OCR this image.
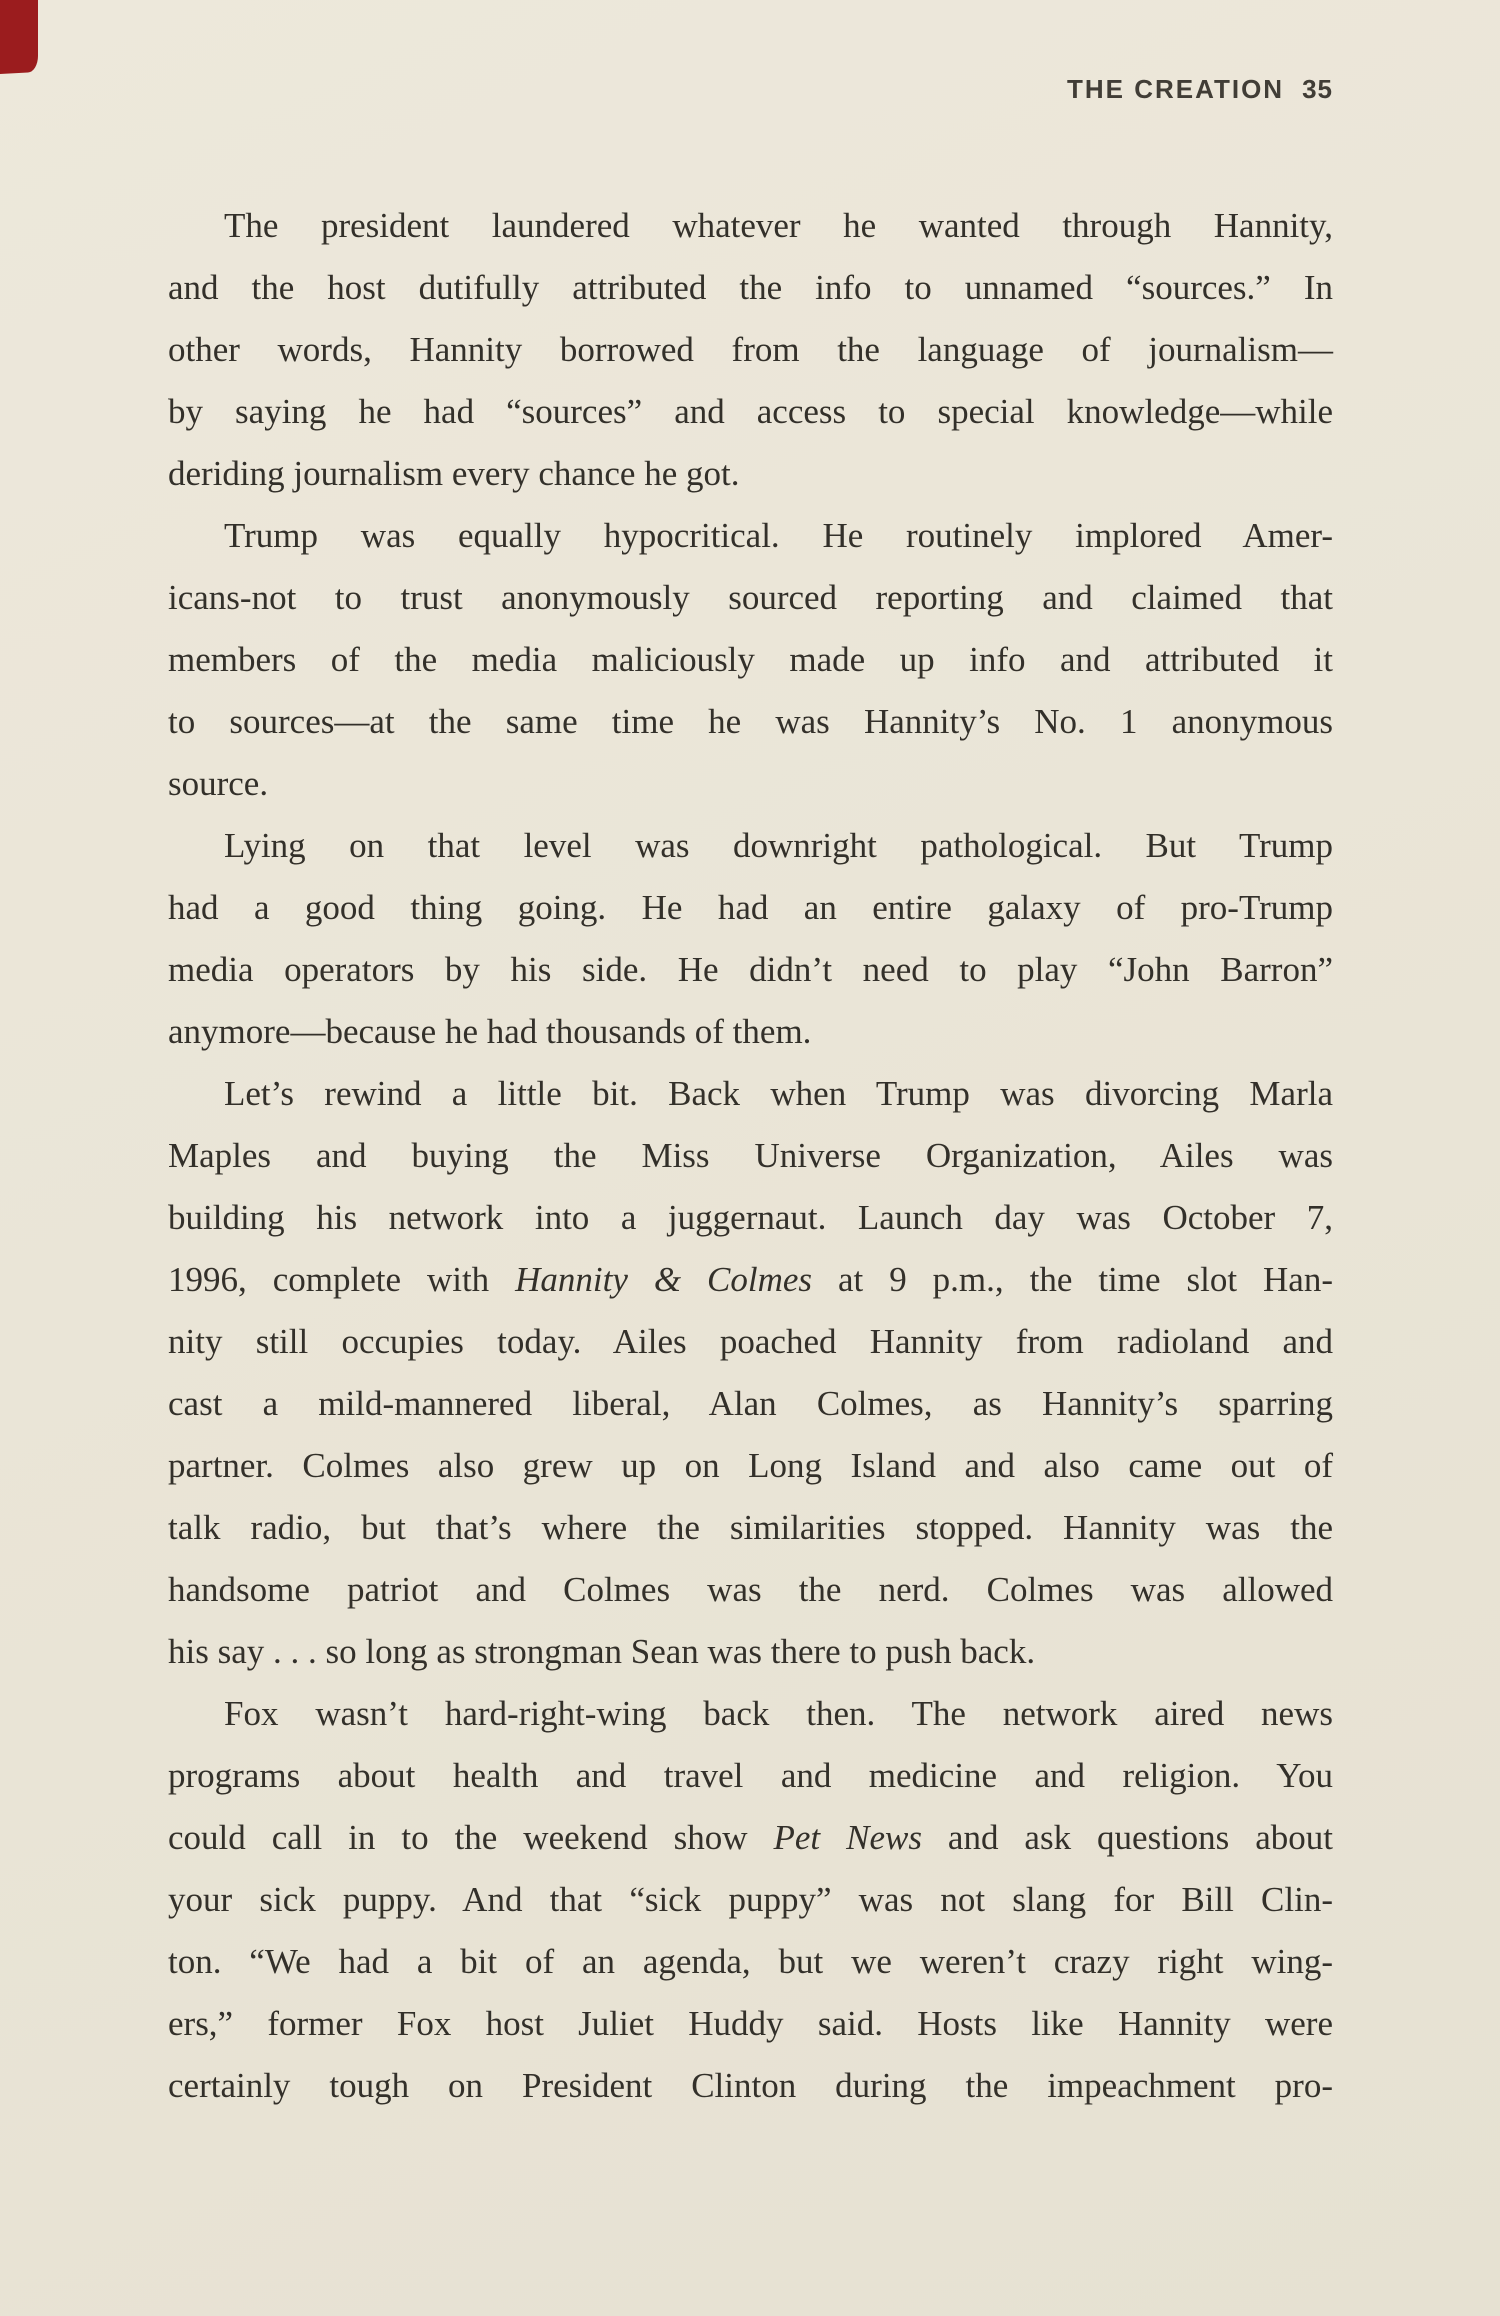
THE CREATION 35
The president laundered whatever he wanted through Hannity,
and the host dutifully attributed the info to unnamed “sources.” In
other words, Hannity borrowed from the language of journalism—
by saying he had “sources” and access to special knowledge—while
deriding journalism every chance he got.
Trump was equally hypocritical. He routinely implored Amer-
icans-not to trust anonymously sourced reporting and claimed that
members of the media maliciously made up info and attributed it
to sources—at the same time he was Hannity’s No. 1 anonymous
source.
Lying on that level was downright pathological. But Trump
had a good thing going. He had an entire galaxy of pro-Trump
media operators by his side. He didn’t need to play “John Barron”
anymore—because he had thousands of them.
Let’s rewind a little bit. Back when Trump was divorcing Marla
Maples and buying the Miss Universe Organization, Ailes was
building his network into a juggernaut. Launch day was October 7,
1996, complete with Hannity & Colmes at 9 p.m., the time slot Han-
nity still occupies today. Ailes poached Hannity from radioland and
cast a mild-mannered liberal, Alan Colmes, as Hannity’s sparring
partner. Colmes also grew up on Long Island and also came out of
talk radio, but that’s where the similarities stopped. Hannity was the
handsome patriot and Colmes was the nerd. Colmes was allowed
his say . . . so long as strongman Sean was there to push back.
Fox wasn’t hard-right-wing back then. The network aired news
programs about health and travel and medicine and religion. You
could call in to the weekend show Pet News and ask questions about
your sick puppy. And that “sick puppy” was not slang for Bill Clin-
ton. “We had a bit of an agenda, but we weren’t crazy right wing-
ers,” former Fox host Juliet Huddy said. Hosts like Hannity were
certainly tough on President Clinton during the impeachment pro-
